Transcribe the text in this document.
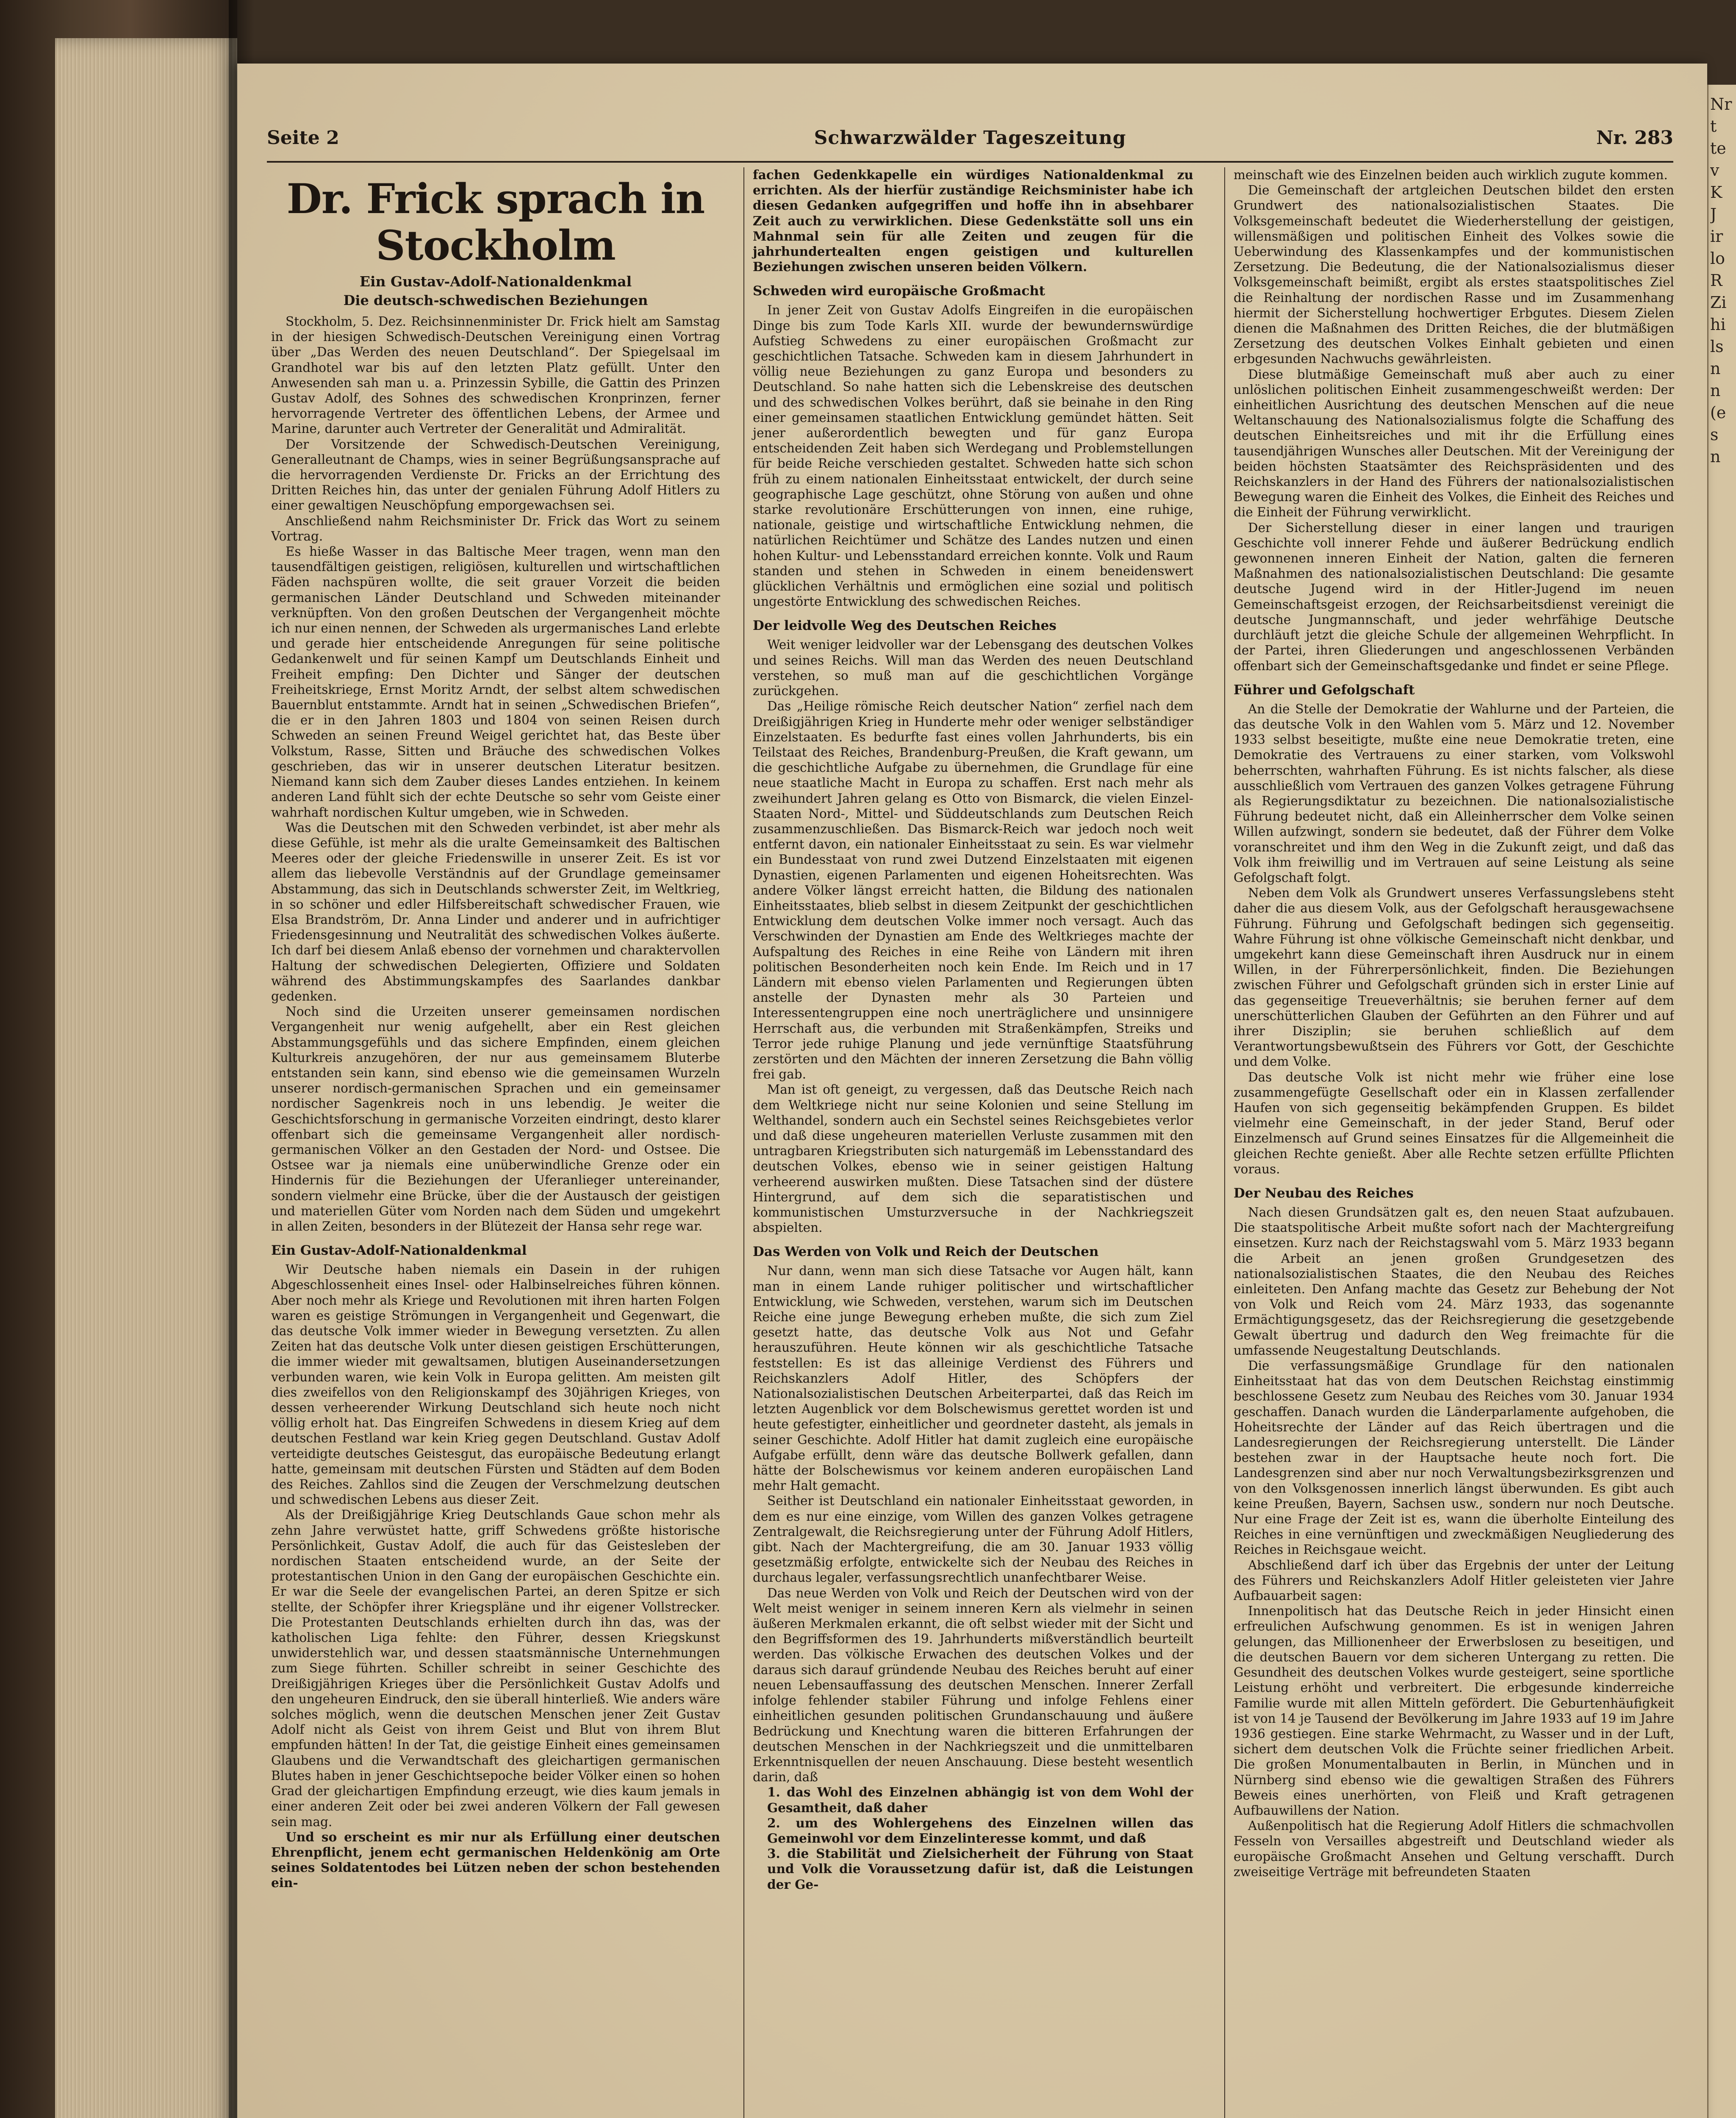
Nr
t
te
v
K
J
ir
lo
R
Zi
hi
ls
n
n
(e
s
n
Seite 2	Schwarzwälder Tageszeitung	Nr. 283
Dr. Frick sprach in Stockholm
Ein Gustav-Adolf-Nationaldenkmal
Die deutsch-schwedischen Beziehungen

Stockholm, 5. Dez. Reichsinnenminister Dr. Frick hielt am Samstag in der hiesigen Schwedisch-Deutschen Vereinigung einen Vortrag über „Das Werden des neuen Deutschland“. Der Spiegelsaal im Grandhotel war bis auf den letzten Platz gefüllt. Unter den Anwesenden sah man u. a. Prinzessin Sybille, die Gattin des Prinzen Gustav Adolf, des Sohnes des schwedischen Kronprinzen, ferner hervorragende Vertreter des öffentlichen Lebens, der Armee und Marine, darunter auch Vertreter der Generalität und Admiralität.

Der Vorsitzende der Schwedisch-Deutschen Vereinigung, Generalleutnant de Champs, wies in seiner Begrüßungsansprache auf die hervorragenden Verdienste Dr. Fricks an der Errichtung des Dritten Reiches hin, das unter der genialen Führung Adolf Hitlers zu einer gewaltigen Neuschöpfung emporgewachsen sei.

Anschließend nahm Reichsminister Dr. Frick das Wort zu seinem Vortrag.

Es hieße Wasser in das Baltische Meer tragen, wenn man den tausendfältigen geistigen, religiösen, kulturellen und wirtschaftlichen Fäden nachspüren wollte, die seit grauer Vorzeit die beiden germanischen Länder Deutschland und Schweden miteinander verknüpften. Von den großen Deutschen der Vergangenheit möchte ich nur einen nennen, der Schweden als urgermanisches Land erlebte und gerade hier entscheidende Anregungen für seine politische Gedankenwelt und für seinen Kampf um Deutschlands Einheit und Freiheit empfing: Den Dichter und Sänger der deutschen Freiheitskriege, Ernst Moritz Arndt, der selbst altem schwedischen Bauernblut entstammte. Arndt hat in seinen „Schwedischen Briefen“, die er in den Jahren 1803 und 1804 von seinen Reisen durch Schweden an seinen Freund Weigel gerichtet hat, das Beste über Volkstum, Rasse, Sitten und Bräuche des schwedischen Volkes geschrieben, das wir in unserer deutschen Literatur besitzen. Niemand kann sich dem Zauber dieses Landes entziehen. In keinem anderen Land fühlt sich der echte Deutsche so sehr vom Geiste einer wahrhaft nordischen Kultur umgeben, wie in Schweden.

Was die Deutschen mit den Schweden verbindet, ist aber mehr als diese Gefühle, ist mehr als die uralte Gemeinsamkeit des Baltischen Meeres oder der gleiche Friedenswille in unserer Zeit. Es ist vor allem das liebevolle Verständnis auf der Grundlage gemeinsamer Abstammung, das sich in Deutschlands schwerster Zeit, im Weltkrieg, in so schöner und edler Hilfsbereitschaft schwedischer Frauen, wie Elsa Brandström, Dr. Anna Linder und anderer und in aufrichtiger Friedensgesinnung und Neutralität des schwedischen Volkes äußerte. Ich darf bei diesem Anlaß ebenso der vornehmen und charaktervollen Haltung der schwedischen Delegierten, Offiziere und Soldaten während des Abstimmungskampfes des Saarlandes dankbar gedenken.

Noch sind die Urzeiten unserer gemeinsamen nordischen Vergangenheit nur wenig aufgehellt, aber ein Rest gleichen Abstammungsgefühls und das sichere Empfinden, einem gleichen Kulturkreis anzugehören, der nur aus gemeinsamem Bluterbe entstanden sein kann, sind ebenso wie die gemeinsamen Wurzeln unserer nordisch-germanischen Sprachen und ein gemeinsamer nordischer Sagenkreis noch in uns lebendig. Je weiter die Geschichtsforschung in germanische Vorzeiten eindringt, desto klarer offenbart sich die gemeinsame Vergangenheit aller nordisch-germanischen Völker an den Gestaden der Nord- und Ostsee. Die Ostsee war ja niemals eine unüberwindliche Grenze oder ein Hindernis für die Beziehungen der Uferanlieger untereinander, sondern vielmehr eine Brücke, über die der Austausch der geistigen und materiellen Güter vom Norden nach dem Süden und umgekehrt in allen Zeiten, besonders in der Blütezeit der Hansa sehr rege war.

Ein Gustav-Adolf-Nationaldenkmal

Wir Deutsche haben niemals ein Dasein in der ruhigen Abgeschlossenheit eines Insel- oder Halbinselreiches führen können. Aber noch mehr als Kriege und Revolutionen mit ihren harten Folgen waren es geistige Strömungen in Vergangenheit und Gegenwart, die das deutsche Volk immer wieder in Bewegung versetzten. Zu allen Zeiten hat das deutsche Volk unter diesen geistigen Erschütterungen, die immer wieder mit gewaltsamen, blutigen Auseinandersetzungen verbunden waren, wie kein Volk in Europa gelitten. Am meisten gilt dies zweifellos von den Religionskampf des 30jährigen Krieges, von dessen verheerender Wirkung Deutschland sich heute noch nicht völlig erholt hat. Das Eingreifen Schwedens in diesem Krieg auf dem deutschen Festland war kein Krieg gegen Deutschland. Gustav Adolf verteidigte deutsches Geistesgut, das europäische Bedeutung erlangt hatte, gemeinsam mit deutschen Fürsten und Städten auf dem Boden des Reiches. Zahllos sind die Zeugen der Verschmelzung deutschen und schwedischen Lebens aus dieser Zeit.

Als der Dreißigjährige Krieg Deutschlands Gaue schon mehr als zehn Jahre verwüstet hatte, griff Schwedens größte historische Persönlichkeit, Gustav Adolf, die auch für das Geistesleben der nordischen Staaten entscheidend wurde, an der Seite der protestantischen Union in den Gang der europäischen Geschichte ein. Er war die Seele der evangelischen Partei, an deren Spitze er sich stellte, der Schöpfer ihrer Kriegspläne und ihr eigener Vollstrecker. Die Protestanten Deutschlands erhielten durch ihn das, was der katholischen Liga fehlte: den Führer, dessen Kriegskunst unwiderstehlich war, und dessen staatsmännische Unternehmungen zum Siege führten. Schiller schreibt in seiner Geschichte des Dreißigjährigen Krieges über die Persönlichkeit Gustav Adolfs und den ungeheuren Eindruck, den sie überall hinterließ. Wie anders wäre solches möglich, wenn die deutschen Menschen jener Zeit Gustav Adolf nicht als Geist von ihrem Geist und Blut von ihrem Blut empfunden hätten! In der Tat, die geistige Einheit eines gemeinsamen Glaubens und die Verwandtschaft des gleichartigen germanischen Blutes haben in jener Geschichtsepoche beider Völker einen so hohen Grad der gleichartigen Empfindung erzeugt, wie dies kaum jemals in einer anderen Zeit oder bei zwei anderen Völkern der Fall gewesen sein mag.

Und so erscheint es mir nur als Erfüllung einer deutschen Ehrenpflicht, jenem echt germanischen Heldenkönig am Orte seines Soldatentodes bei Lützen neben der schon bestehenden ein-

fachen Gedenkkapelle ein würdiges Nationaldenkmal zu errichten. Als der hierfür zuständige Reichsminister habe ich diesen Gedanken aufgegriffen und hoffe ihn in absehbarer Zeit auch zu verwirklichen. Diese Gedenkstätte soll uns ein Mahnmal sein für alle Zeiten und zeugen für die jahrhundertealten engen geistigen und kulturellen Beziehungen zwischen unseren beiden Völkern.

Schweden wird europäische Großmacht

In jener Zeit von Gustav Adolfs Eingreifen in die europäischen Dinge bis zum Tode Karls XII. wurde der bewundernswürdige Aufstieg Schwedens zu einer europäischen Großmacht zur geschichtlichen Tatsache. Schweden kam in diesem Jahrhundert in völlig neue Beziehungen zu ganz Europa und besonders zu Deutschland. So nahe hatten sich die Lebenskreise des deutschen und des schwedischen Volkes berührt, daß sie beinahe in den Ring einer gemeinsamen staatlichen Entwicklung gemündet hätten. Seit jener außerordentlich bewegten und für ganz Europa entscheidenden Zeit haben sich Werdegang und Problemstellungen für beide Reiche verschieden gestaltet. Schweden hatte sich schon früh zu einem nationalen Einheitsstaat entwickelt, der durch seine geographische Lage geschützt, ohne Störung von außen und ohne starke revolutionäre Erschütterungen von innen, eine ruhige, nationale, geistige und wirtschaftliche Entwicklung nehmen, die natürlichen Reichtümer und Schätze des Landes nutzen und einen hohen Kultur- und Lebensstandard erreichen konnte. Volk und Raum standen und stehen in Schweden in einem beneidenswert glücklichen Verhältnis und ermöglichen eine sozial und politisch ungestörte Entwicklung des schwedischen Reiches.

Der leidvolle Weg des Deutschen Reiches

Weit weniger leidvoller war der Lebensgang des deutschen Volkes und seines Reichs. Will man das Werden des neuen Deutschland verstehen, so muß man auf die geschichtlichen Vorgänge zurückgehen.

Das „Heilige römische Reich deutscher Nation“ zerfiel nach dem Dreißigjährigen Krieg in Hunderte mehr oder weniger selbständiger Einzelstaaten. Es bedurfte fast eines vollen Jahrhunderts, bis ein Teilstaat des Reiches, Brandenburg-Preußen, die Kraft gewann, um die geschichtliche Aufgabe zu übernehmen, die Grundlage für eine neue staatliche Macht in Europa zu schaffen. Erst nach mehr als zweihundert Jahren gelang es Otto von Bismarck, die vielen Einzel-Staaten Nord-, Mittel- und Süddeutschlands zum Deutschen Reich zusammenzuschließen. Das Bismarck-Reich war jedoch noch weit entfernt davon, ein nationaler Einheitsstaat zu sein. Es war vielmehr ein Bundesstaat von rund zwei Dutzend Einzelstaaten mit eigenen Dynastien, eigenen Parlamenten und eigenen Hoheitsrechten. Was andere Völker längst erreicht hatten, die Bildung des nationalen Einheitsstaates, blieb selbst in diesem Zeitpunkt der geschichtlichen Entwicklung dem deutschen Volke immer noch versagt. Auch das Verschwinden der Dynastien am Ende des Weltkrieges machte der Aufspaltung des Reiches in eine Reihe von Ländern mit ihren politischen Besonderheiten noch kein Ende. Im Reich und in 17 Ländern mit ebenso vielen Parlamenten und Regierungen übten anstelle der Dynasten mehr als 30 Parteien und Interessentengruppen eine noch unerträglichere und unsinnigere Herrschaft aus, die verbunden mit Straßenkämpfen, Streiks und Terror jede ruhige Planung und jede vernünftige Staatsführung zerstörten und den Mächten der inneren Zersetzung die Bahn völlig frei gab.

Man ist oft geneigt, zu vergessen, daß das Deutsche Reich nach dem Weltkriege nicht nur seine Kolonien und seine Stellung im Welthandel, sondern auch ein Sechstel seines Reichsgebietes verlor und daß diese ungeheuren materiellen Verluste zusammen mit den untragbaren Kriegstributen sich naturgemäß im Lebensstandard des deutschen Volkes, ebenso wie in seiner geistigen Haltung verheerend auswirken mußten. Diese Tatsachen sind der düstere Hintergrund, auf dem sich die separatistischen und kommunistischen Umsturzversuche in der Nachkriegszeit abspielten.

Das Werden von Volk und Reich der Deutschen

Nur dann, wenn man sich diese Tatsache vor Augen hält, kann man in einem Lande ruhiger politischer und wirtschaftlicher Entwicklung, wie Schweden, verstehen, warum sich im Deutschen Reiche eine junge Bewegung erheben mußte, die sich zum Ziel gesetzt hatte, das deutsche Volk aus Not und Gefahr herauszuführen. Heute können wir als geschichtliche Tatsache feststellen: Es ist das alleinige Verdienst des Führers und Reichskanzlers Adolf Hitler, des Schöpfers der Nationalsozialistischen Deutschen Arbeiterpartei, daß das Reich im letzten Augenblick vor dem Bolschewismus gerettet worden ist und heute gefestigter, einheitlicher und geordneter dasteht, als jemals in seiner Geschichte. Adolf Hitler hat damit zugleich eine europäische Aufgabe erfüllt, denn wäre das deutsche Bollwerk gefallen, dann hätte der Bolschewismus vor keinem anderen europäischen Land mehr Halt gemacht.

Seither ist Deutschland ein nationaler Einheitsstaat geworden, in dem es nur eine einzige, vom Willen des ganzen Volkes getragene Zentralgewalt, die Reichsregierung unter der Führung Adolf Hitlers, gibt. Nach der Machtergreifung, die am 30. Januar 1933 völlig gesetzmäßig erfolgte, entwickelte sich der Neubau des Reiches in durchaus legaler, verfassungsrechtlich unanfechtbarer Weise.

Das neue Werden von Volk und Reich der Deutschen wird von der Welt meist weniger in seinem inneren Kern als vielmehr in seinen äußeren Merkmalen erkannt, die oft selbst wieder mit der Sicht und den Begriffsformen des 19. Jahrhunderts mißverständlich beurteilt werden. Das völkische Erwachen des deutschen Volkes und der daraus sich darauf gründende Neubau des Reiches beruht auf einer neuen Lebensauffassung des deutschen Menschen. Innerer Zerfall infolge fehlender stabiler Führung und infolge Fehlens einer einheitlichen gesunden politischen Grundanschauung und äußere Bedrückung und Knechtung waren die bitteren Erfahrungen der deutschen Menschen in der Nachkriegszeit und die unmittelbaren Erkenntnisquellen der neuen Anschauung. Diese besteht wesentlich darin, daß

1. das Wohl des Einzelnen abhängig ist von dem Wohl der Gesamtheit, daß daher

2. um des Wohlergehens des Einzelnen willen das Gemeinwohl vor dem Einzelinteresse kommt, und daß

3. die Stabilität und Zielsicherheit der Führung von Staat und Volk die Voraussetzung dafür ist, daß die Leistungen der Ge-

meinschaft wie des Einzelnen beiden auch wirklich zugute kommen.

Die Gemeinschaft der artgleichen Deutschen bildet den ersten Grundwert des nationalsozialistischen Staates. Die Volksgemeinschaft bedeutet die Wiederherstellung der geistigen, willensmäßigen und politischen Einheit des Volkes sowie die Ueberwindung des Klassenkampfes und der kommunistischen Zersetzung. Die Bedeutung, die der Nationalsozialismus dieser Volksgemeinschaft beimißt, ergibt als erstes staatspolitisches Ziel die Reinhaltung der nordischen Rasse und im Zusammenhang hiermit der Sicherstellung hochwertiger Erbgutes. Diesem Zielen dienen die Maßnahmen des Dritten Reiches, die der blutmäßigen Zersetzung des deutschen Volkes Einhalt gebieten und einen erbgesunden Nachwuchs gewährleisten.

Diese blutmäßige Gemeinschaft muß aber auch zu einer unlöslichen politischen Einheit zusammengeschweißt werden: Der einheitlichen Ausrichtung des deutschen Menschen auf die neue Weltanschauung des Nationalsozialismus folgte die Schaffung des deutschen Einheitsreiches und mit ihr die Erfüllung eines tausendjährigen Wunsches aller Deutschen. Mit der Vereinigung der beiden höchsten Staatsämter des Reichspräsidenten und des Reichskanzlers in der Hand des Führers der nationalsozialistischen Bewegung waren die Einheit des Volkes, die Einheit des Reiches und die Einheit der Führung verwirklicht.

Der Sicherstellung dieser in einer langen und traurigen Geschichte voll innerer Fehde und äußerer Bedrückung endlich gewonnenen inneren Einheit der Nation, galten die ferneren Maßnahmen des nationalsozialistischen Deutschland: Die gesamte deutsche Jugend wird in der Hitler-Jugend im neuen Gemeinschaftsgeist erzogen, der Reichsarbeitsdienst vereinigt die deutsche Jungmannschaft, und jeder wehrfähige Deutsche durchläuft jetzt die gleiche Schule der allgemeinen Wehrpflicht. In der Partei, ihren Gliederungen und angeschlossenen Verbänden offenbart sich der Gemeinschaftsgedanke und findet er seine Pflege.

Führer und Gefolgschaft

An die Stelle der Demokratie der Wahlurne und der Parteien, die das deutsche Volk in den Wahlen vom 5. März und 12. November 1933 selbst beseitigte, mußte eine neue Demokratie treten, eine Demokratie des Vertrauens zu einer starken, vom Volkswohl beherrschten, wahrhaften Führung. Es ist nichts falscher, als diese ausschließlich vom Vertrauen des ganzen Volkes getragene Führung als Regierungsdiktatur zu bezeichnen. Die nationalsozialistische Führung bedeutet nicht, daß ein Alleinherrscher dem Volke seinen Willen aufzwingt, sondern sie bedeutet, daß der Führer dem Volke voranschreitet und ihm den Weg in die Zukunft zeigt, und daß das Volk ihm freiwillig und im Vertrauen auf seine Leistung als seine Gefolgschaft folgt.

Neben dem Volk als Grundwert unseres Verfassungslebens steht daher die aus diesem Volk, aus der Gefolgschaft herausgewachsene Führung. Führung und Gefolgschaft bedingen sich gegenseitig. Wahre Führung ist ohne völkische Gemeinschaft nicht denkbar, und umgekehrt kann diese Gemeinschaft ihren Ausdruck nur in einem Willen, in der Führerpersönlichkeit, finden. Die Beziehungen zwischen Führer und Gefolgschaft gründen sich in erster Linie auf das gegenseitige Treueverhältnis; sie beruhen ferner auf dem unerschütterlichen Glauben der Geführten an den Führer und auf ihrer Disziplin; sie beruhen schließlich auf dem Verantwortungsbewußtsein des Führers vor Gott, der Geschichte und dem Volke.

Das deutsche Volk ist nicht mehr wie früher eine lose zusammengefügte Gesellschaft oder ein in Klassen zerfallender Haufen von sich gegenseitig bekämpfenden Gruppen. Es bildet vielmehr eine Gemeinschaft, in der jeder Stand, Beruf oder Einzelmensch auf Grund seines Einsatzes für die Allgemeinheit die gleichen Rechte genießt. Aber alle Rechte setzen erfüllte Pflichten voraus.

Der Neubau des Reiches

Nach diesen Grundsätzen galt es, den neuen Staat aufzubauen. Die staatspolitische Arbeit mußte sofort nach der Machtergreifung einsetzen. Kurz nach der Reichstagswahl vom 5. März 1933 begann die Arbeit an jenen großen Grundgesetzen des nationalsozialistischen Staates, die den Neubau des Reiches einleiteten. Den Anfang machte das Gesetz zur Behebung der Not von Volk und Reich vom 24. März 1933, das sogenannte Ermächtigungsgesetz, das der Reichsregierung die gesetzgebende Gewalt übertrug und dadurch den Weg freimachte für die umfassende Neugestaltung Deutschlands.

Die verfassungsmäßige Grundlage für den nationalen Einheitsstaat hat das von dem Deutschen Reichstag einstimmig beschlossene Gesetz zum Neubau des Reiches vom 30. Januar 1934 geschaffen. Danach wurden die Länderparlamente aufgehoben, die Hoheitsrechte der Länder auf das Reich übertragen und die Landesregierungen der Reichsregierung unterstellt. Die Länder bestehen zwar in der Hauptsache heute noch fort. Die Landesgrenzen sind aber nur noch Verwaltungsbezirksgrenzen und von den Volksgenossen innerlich längst überwunden. Es gibt auch keine Preußen, Bayern, Sachsen usw., sondern nur noch Deutsche. Nur eine Frage der Zeit ist es, wann die überholte Einteilung des Reiches in eine vernünftigen und zweckmäßigen Neugliederung des Reiches in Reichsgaue weicht.

Abschließend darf ich über das Ergebnis der unter der Leitung des Führers und Reichskanzlers Adolf Hitler geleisteten vier Jahre Aufbauarbeit sagen:

Innenpolitisch hat das Deutsche Reich in jeder Hinsicht einen erfreulichen Aufschwung genommen. Es ist in wenigen Jahren gelungen, das Millionenheer der Erwerbslosen zu beseitigen, und die deutschen Bauern vor dem sicheren Untergang zu retten. Die Gesundheit des deutschen Volkes wurde gesteigert, seine sportliche Leistung erhöht und verbreitert. Die erbgesunde kinderreiche Familie wurde mit allen Mitteln gefördert. Die Geburtenhäufigkeit ist von 14 je Tausend der Bevölkerung im Jahre 1933 auf 19 im Jahre 1936 gestiegen. Eine starke Wehrmacht, zu Wasser und in der Luft, sichert dem deutschen Volk die Früchte seiner friedlichen Arbeit. Die großen Monumentalbauten in Berlin, in München und in Nürnberg sind ebenso wie die gewaltigen Straßen des Führers Beweis eines unerhörten, von Fleiß und Kraft getragenen Aufbauwillens der Nation.

Außenpolitisch hat die Regierung Adolf Hitlers die schmachvollen Fesseln von Versailles abgestreift und Deutschland wieder als europäische Großmacht Ansehen und Geltung verschafft. Durch zweiseitige Verträge mit befreundeten Staaten
